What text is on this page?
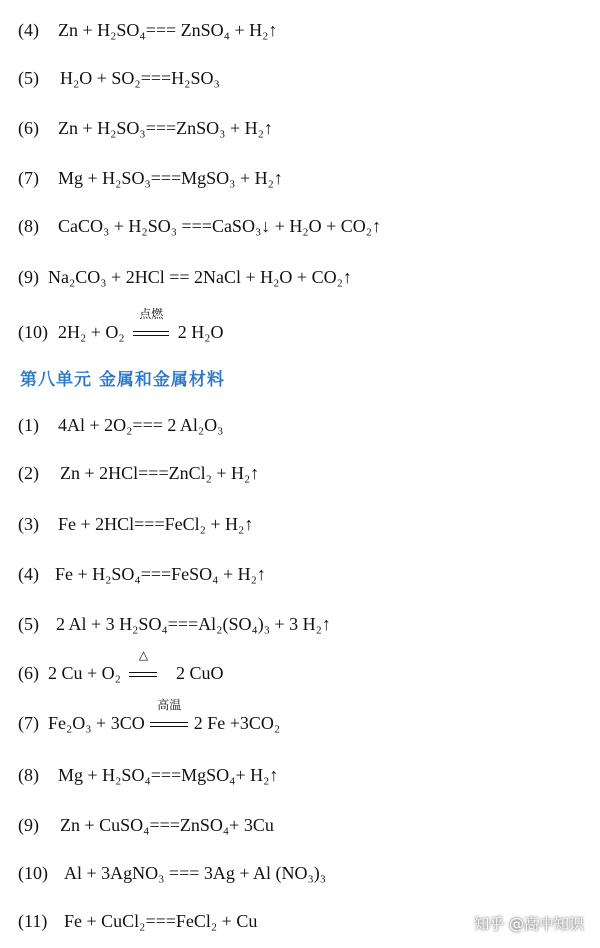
(4) Zn + H₂SO₄=== ZnSO₄ + H₂↑
(5) H₂O + SO₂===H₂SO₃
(6) Zn + H₂SO₃===ZnSO₃ + H₂↑
(7) Mg + H₂SO₃===MgSO₃ + H₂↑
(8) CaCO₃ + H₂SO₃ ===CaSO₃↓ + H₂O + CO₂↑
(9) Na₂CO₃ + 2HCl == 2NaCl + H₂O + CO₂↑
(10) 2H₂ + O₂
点燃
2 H₂O
第八单元 金属和金属材料
(1) 4Al + 2O₂=== 2 Al₂O₃
(2) Zn + 2HCl===ZnCl₂ + H₂↑
(3) Fe + 2HCl===FeCl₂ + H₂↑
(4) Fe + H₂SO₄===FeSO₄ + H₂↑
(5) 2 Al + 3 H₂SO₄===Al₂(SO₄)₃ + 3 H₂↑
(6) 2 Cu + O₂
△
2 CuO
(7) Fe₂O₃ + 3CO
高温
2 Fe +3CO₂
(8) Mg + H₂SO₄===MgSO₄+ H₂↑
(9) Zn + CuSO₄===ZnSO₄+ 3Cu
(10) Al + 3AgNO₃ === 3Ag + Al (NO₃)₃
(11) Fe + CuCl₂===FeCl₂ + Cu	知乎 @高中知识
